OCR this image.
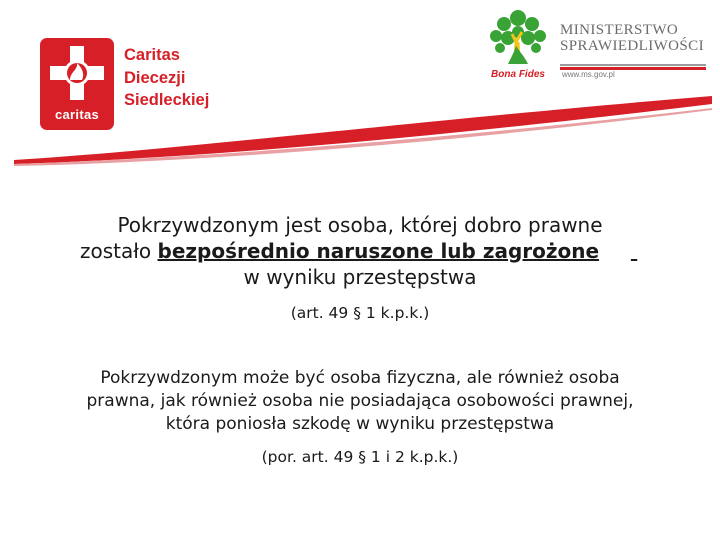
caritas
Caritas
Diecezji
Siedleckiej
Bona Fides
MINISTERSTWO
SPRAWIEDLIWOŚCI
www.ms.gov.pl
Pokrzywdzonym jest osoba, której dobro prawne
zostało bezpośrednio naruszone lub zagrożone
w wyniku przestępstwa
(art. 49 § 1 k.p.k.)
Pokrzywdzonym może być osoba fizyczna, ale również osoba
prawna, jak również osoba nie posiadająca osobowości prawnej,
która poniosła szkodę w wyniku przestępstwa
(por. art. 49 § 1 i 2 k.p.k.)
